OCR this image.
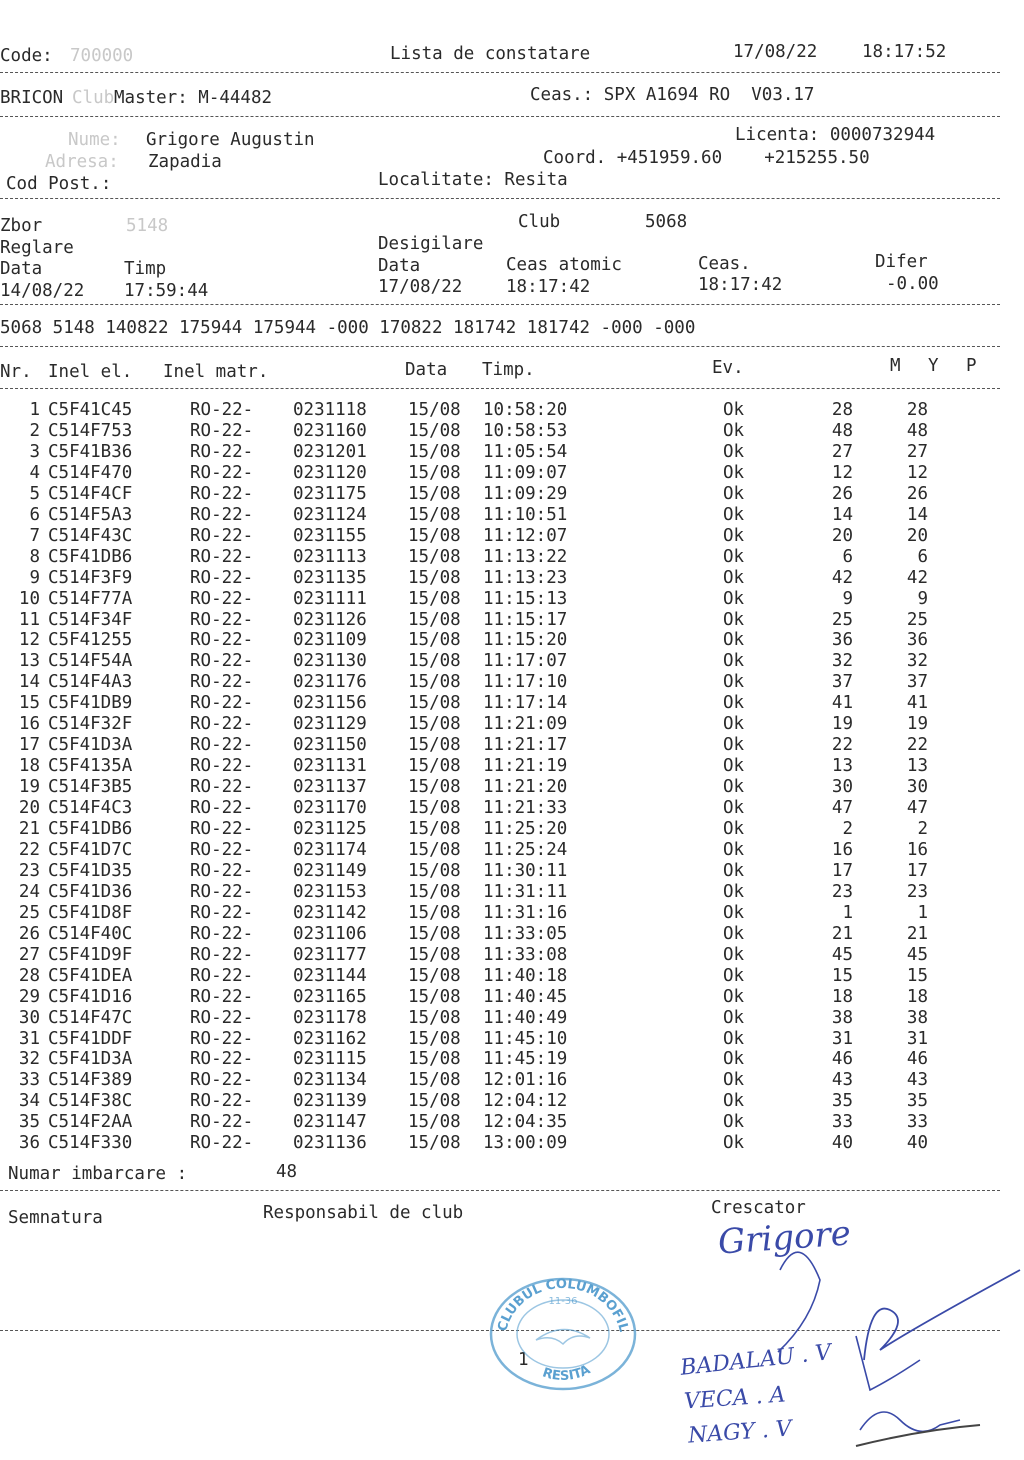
Code: 700000	Lista de constatare	17/08/22	18:17:52
BRICON Club Master: M-44482	Ceas.: SPX A1694 RO  V03.17
Nume: Grigore Augustin	Licenta: 0000732944
Adresa: Zapadia	Coord. +451959.60    +215255.50
Cod Post.:	Localitate: Resita
Zbor	5148	Club	5068
Reglare	Desigilare
Data	Timp	Data	Ceas atomic	Ceas.	Difer
14/08/22 17:59:44	17/08/22 18:17:42	18:17:42	-0.00
5068 5148 140822 175944 175944 -000 170822 181742 181742 -000 -000
Nr. Inel el. Inel matr.	Data Timp.	Ev.	M Y P
1 C5F41C45	RO-22- 0231118 15/08 10:58:20	Ok	28	28
2 C514F753	RO-22- 0231160 15/08 10:58:53	Ok	48	48
3 C5F41B36	RO-22- 0231201 15/08 11:05:54	Ok	27	27
4 C514F470	RO-22- 0231120 15/08 11:09:07	Ok	12	12
5 C514F4CF	RO-22- 0231175 15/08 11:09:29	Ok	26	26
6 C514F5A3	RO-22- 0231124 15/08 11:10:51	Ok	14	14
7 C514F43C	RO-22- 0231155 15/08 11:12:07	Ok	20	20
8 C5F41DB6	RO-22- 0231113 15/08 11:13:22	Ok	6	6
9 C514F3F9	RO-22- 0231135 15/08 11:13:23	Ok	42	42
10 C514F77A	RO-22- 0231111 15/08 11:15:13	Ok	9	9
11 C514F34F	RO-22- 0231126 15/08 11:15:17	Ok	25	25
12 C5F41255	RO-22- 0231109 15/08 11:15:20	Ok	36	36
13 C514F54A	RO-22- 0231130 15/08 11:17:07	Ok	32	32
14 C514F4A3	RO-22- 0231176 15/08 11:17:10	Ok	37	37
15 C5F41DB9	RO-22- 0231156 15/08 11:17:14	Ok	41	41
16 C514F32F	RO-22- 0231129 15/08 11:21:09	Ok	19	19
17 C5F41D3A	RO-22- 0231150 15/08 11:21:17	Ok	22	22
18 C5F4135A	RO-22- 0231131 15/08 11:21:19	Ok	13	13
19 C514F3B5	RO-22- 0231137 15/08 11:21:20	Ok	30	30
20 C514F4C3	RO-22- 0231170 15/08 11:21:33	Ok	47	47
21 C5F41DB6	RO-22- 0231125 15/08 11:25:20	Ok	2	2
22 C5F41D7C	RO-22- 0231174 15/08 11:25:24	Ok	16	16
23 C5F41D35	RO-22- 0231149 15/08 11:30:11	Ok	17	17
24 C5F41D36	RO-22- 0231153 15/08 11:31:11	Ok	23	23
25 C5F41D8F	RO-22- 0231142 15/08 11:31:16	Ok	1	1
26 C514F40C	RO-22- 0231106 15/08 11:33:05	Ok	21	21
27 C5F41D9F	RO-22- 0231177 15/08 11:33:08	Ok	45	45
28 C5F41DEA	RO-22- 0231144 15/08 11:40:18	Ok	15	15
29 C5F41D16	RO-22- 0231165 15/08 11:40:45	Ok	18	18
30 C514F47C	RO-22- 0231178 15/08 11:40:49	Ok	38	38
31 C5F41DDF	RO-22- 0231162 15/08 11:45:10	Ok	31	31
32 C5F41D3A	RO-22- 0231115 15/08 11:45:19	Ok	46	46
33 C514F389	RO-22- 0231134 15/08 12:01:16	Ok	43	43
34 C514F38C	RO-22- 0231139 15/08 12:04:12	Ok	35	35
35 C514F2AA	RO-22- 0231147 15/08 12:04:35	Ok	33	33
36 C514F330	RO-22- 0231136 15/08 13:00:09	Ok	40	40
Numar imbarcare :	48
Semnatura	Responsabil de club	Crescator
Grigore
1
CLUBUL COLUMBOFIL
RESITA
11-36
BADALAU . V
VECA . A
NAGY . V
